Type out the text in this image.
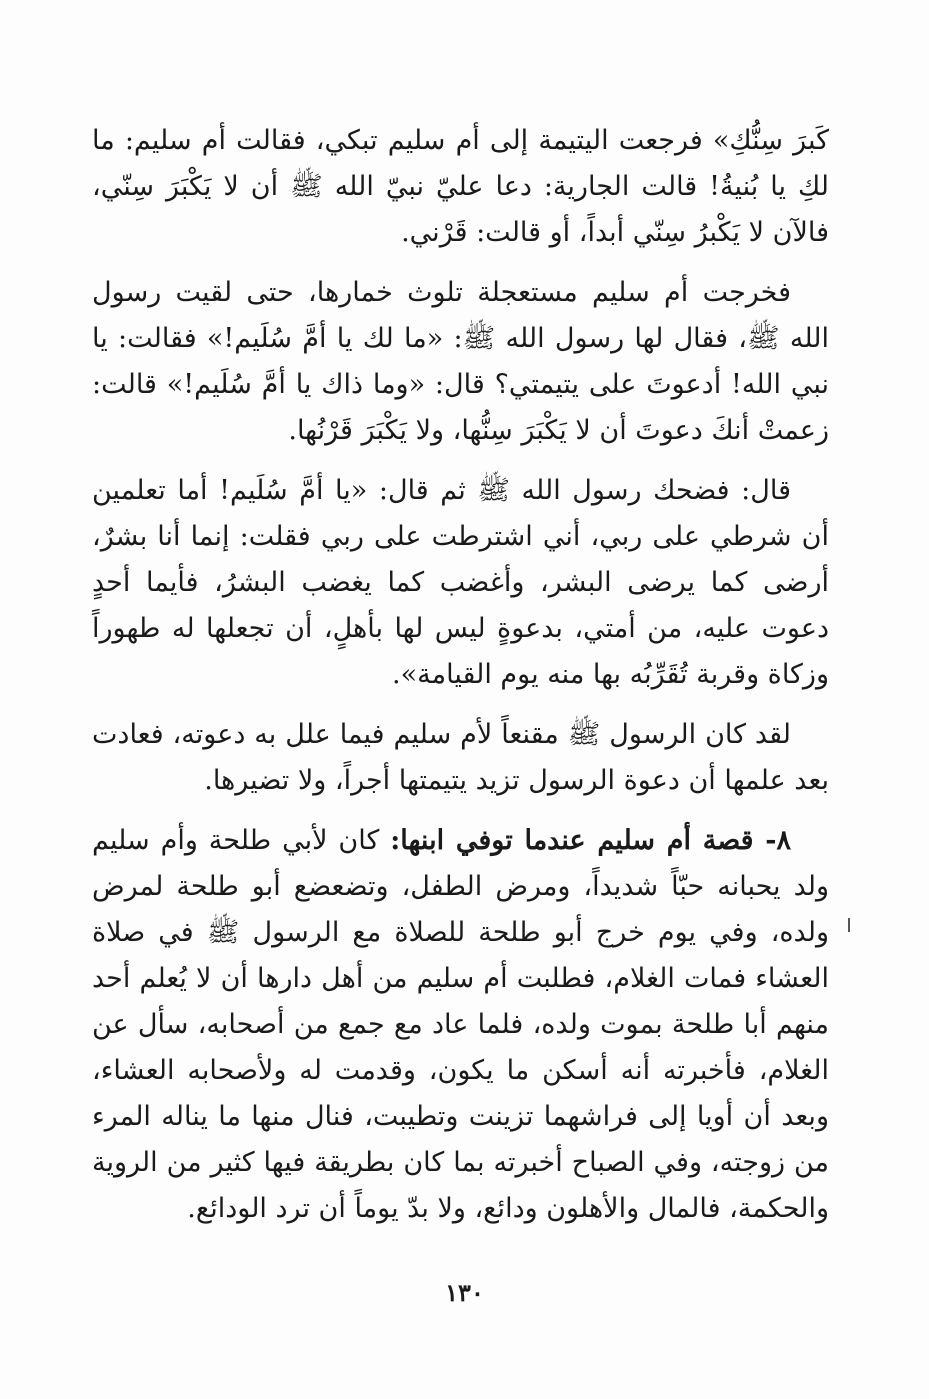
كَبرَ سِنُّكِ» فرجعت اليتيمة إلى أم سليم تبكي، فقالت أم سليم: ما لكِ يا بُنيةُ! قالت الجارية: دعا عليّ نبيّ الله ﷺ أن لا يَكْبَرَ سِنّي، فالآن لا يَكْبرُ سِنّي أبداً، أو قالت: قَرْني.

فخرجت أم سليم مستعجلة تلوث خمارها، حتى لقيت رسول الله ﷺ، فقال لها رسول الله ﷺ: «ما لك يا أمَّ سُلَيم!» فقالت: يا نبي الله! أدعوتَ على يتيمتي؟ قال: «وما ذاك يا أمَّ سُلَيم!» قالت: زعمتْ أنكَ دعوتَ أن لا يَكْبَرَ سِنُّها، ولا يَكْبَرَ قَرْنُها.

قال: فضحك رسول الله ﷺ ثم قال: «يا أمَّ سُلَيم! أما تعلمين أن شرطي على ربي، أني اشترطت على ربي فقلت: إنما أنا بشرٌ، أرضى كما يرضى البشر، وأغضب كما يغضب البشرُ، فأيما أحدٍ دعوت عليه، من أمتي، بدعوةٍ ليس لها بأهلٍ، أن تجعلها له طهوراً وزكاة وقربة تُقَرِّبُه بها منه يوم القيامة».

لقد كان الرسول ﷺ مقنعاً لأم سليم فيما علل به دعوته، فعادت بعد علمها أن دعوة الرسول تزيد يتيمتها أجراً، ولا تضيرها.

٨- قصة أم سليم عندما توفي ابنها: كان لأبي طلحة وأم سليم ولد يحبانه حبّاً شديداً، ومرض الطفل، وتضعضع أبو طلحة لمرض ولده، وفي يوم خرج أبو طلحة للصلاة مع الرسول ﷺ في صلاة العشاء فمات الغلام، فطلبت أم سليم من أهل دارها أن لا يُعلم أحد منهم أبا طلحة بموت ولده، فلما عاد مع جمع من أصحابه، سأل عن الغلام، فأخبرته أنه أسكن ما يكون، وقدمت له ولأصحابه العشاء، وبعد أن أويا إلى فراشهما تزينت وتطيبت، فنال منها ما يناله المرء من زوجته، وفي الصباح أخبرته بما كان بطريقة فيها كثير من الروية والحكمة، فالمال والأهلون ودائع، ولا بدّ يوماً أن ترد الودائع.

١٣٠
